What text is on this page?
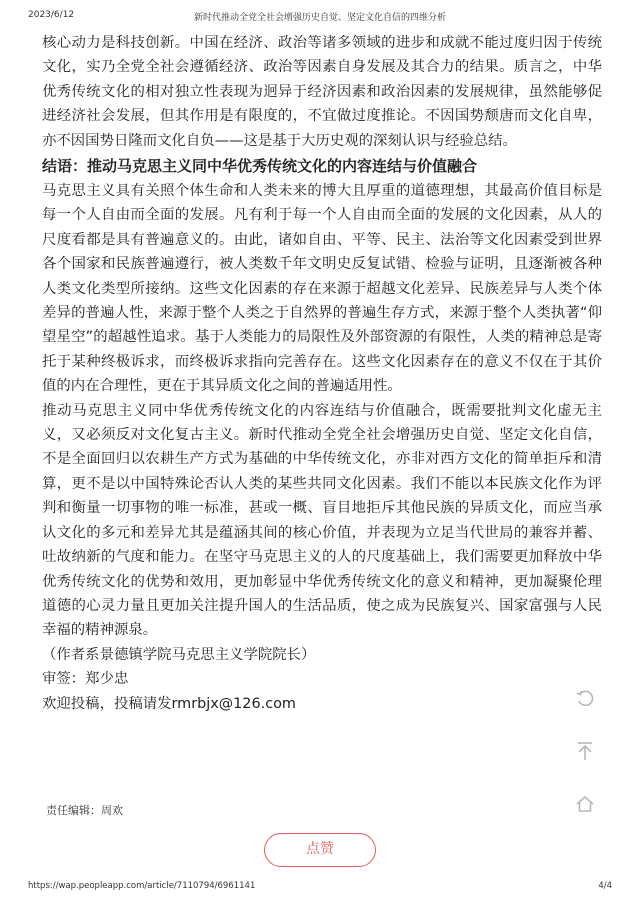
2023/6/12	新时代推动全党全社会增强历史自觉、坚定文化自信的四维分析

核心动力是科技创新。中国在经济、政治等诸多领域的进步和成就不能过度归因于传统文化，实乃全党全社会遵循经济、政治等因素自身发展及其合力的结果。质言之，中华优秀传统文化的相对独立性表现为迥异于经济因素和政治因素的发展规律，虽然能够促进经济社会发展，但其作用是有限度的，不宜做过度推论。不因国势颓唐而文化自卑，亦不因国势日隆而文化自负——这是基于大历史观的深刻认识与经验总结。

结语：推动马克思主义同中华优秀传统文化的内容连结与价值融合

马克思主义具有关照个体生命和人类未来的博大且厚重的道德理想，其最高价值目标是每一个人自由而全面的发展。凡有利于每一个人自由而全面的发展的文化因素，从人的尺度看都是具有普遍意义的。由此，诸如自由、平等、民主、法治等文化因素受到世界各个国家和民族普遍遵行，被人类数千年文明史反复试错、检验与证明，且逐渐被各种人类文化类型所接纳。这些文化因素的存在来源于超越文化差异、民族差异与人类个体差异的普遍人性，来源于整个人类之于自然界的普遍生存方式，来源于整个人类执著“仰望星空”的超越性追求。基于人类能力的局限性及外部资源的有限性，人类的精神总是寄托于某种终极诉求，而终极诉求指向完善存在。这些文化因素存在的意义不仅在于其价值的内在合理性，更在于其异质文化之间的普遍适用性。

推动马克思主义同中华优秀传统文化的内容连结与价值融合，既需要批判文化虚无主义，又必须反对文化复古主义。新时代推动全党全社会增强历史自觉、坚定文化自信，不是全面回归以农耕生产方式为基础的中华传统文化，亦非对西方文化的简单拒斥和清算，更不是以中国特殊论否认人类的某些共同文化因素。我们不能以本民族文化作为评判和衡量一切事物的唯一标准，甚或一概、盲目地拒斥其他民族的异质文化，而应当承认文化的多元和差异尤其是蕴涵其间的核心价值，并表现为立足当代世局的兼容并蓄、吐故纳新的气度和能力。在坚守马克思主义的人的尺度基础上，我们需要更加释放中华优秀传统文化的优势和效用，更加彰显中华优秀传统文化的意义和精神，更加凝聚伦理道德的心灵力量且更加关注提升国人的生活品质，使之成为民族复兴、国家富强与人民幸福的精神源泉。

（作者系景德镇学院马克思主义学院院长）

审签：郑少忠

欢迎投稿，投稿请发rmrbjx@126.com

责任编辑：周欢
点赞
https://wap.peopleapp.com/article/7110794/6961141	4/4
